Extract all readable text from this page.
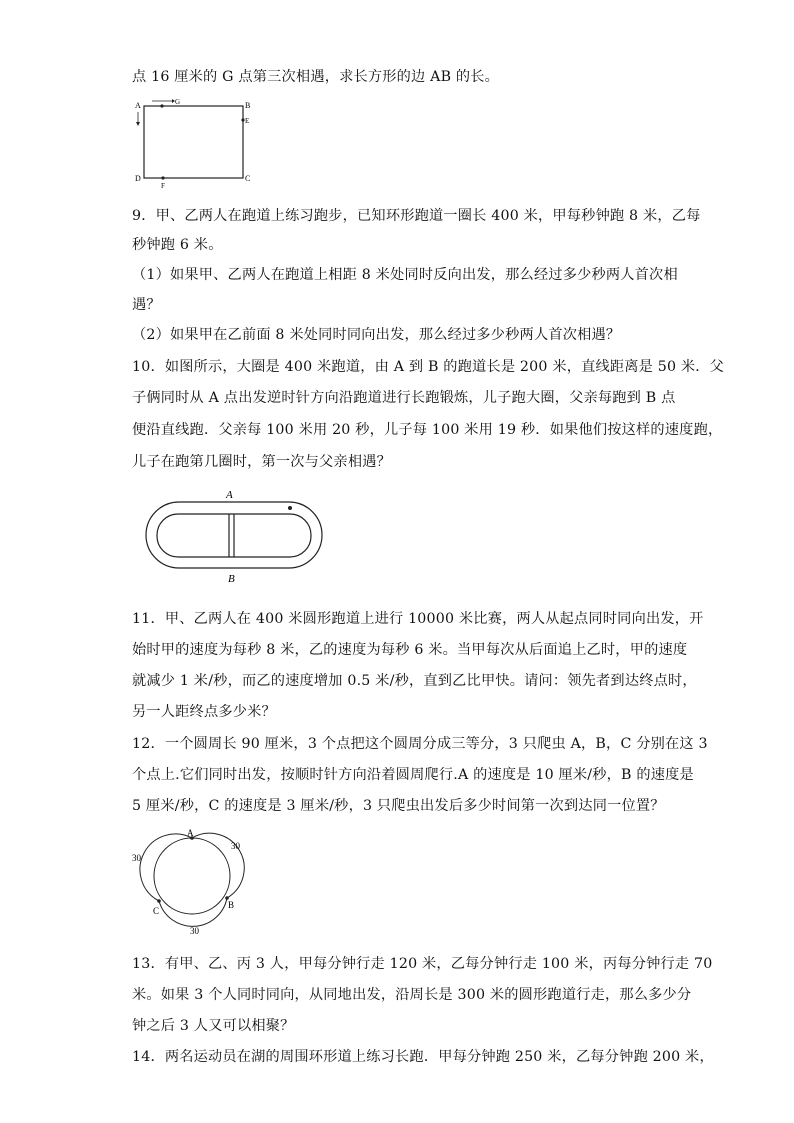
点 16 厘米的 G 点第三次相遇，求长方形的边 AB 的长。
A	B
C
D
E
F
G
9．甲、乙两人在跑道上练习跑步，已知环形跑道一圈长 400 米，甲每秒钟跑 8 米，乙每
秒钟跑 6 米。
（1）如果甲、乙两人在跑道上相距 8 米处同时反向出发，那么经过多少秒两人首次相
遇？
（2）如果甲在乙前面 8 米处同时同向出发，那么经过多少秒两人首次相遇？
10．如图所示，大圈是 400 米跑道，由 A 到 B 的跑道长是 200 米，直线距离是 50 米．父
子俩同时从 A 点出发逆时针方向沿跑道进行长跑锻炼，儿子跑大圈，父亲每跑到 B 点
便沿直线跑．父亲每 100 米用 20 秒，儿子每 100 米用 19 秒．如果他们按这样的速度跑，
儿子在跑第几圈时，第一次与父亲相遇？
A
B
11．甲、乙两人在 400 米圆形跑道上进行 10000 米比赛，两人从起点同时同向出发，开
始时甲的速度为每秒 8 米，乙的速度为每秒 6 米。当甲每次从后面追上乙时，甲的速度
就减少 1 米/秒，而乙的速度增加 0.5 米/秒，直到乙比甲快。请问：领先者到达终点时，
另一人距终点多少米？
12．一个圆周长 90 厘米，3 个点把这个圆周分成三等分，3 只爬虫 A，B，C 分别在这 3
个点上.它们同时出发，按顺时针方向沿着圆周爬行.A 的速度是 10 厘米/秒，B 的速度是
5 厘米/秒，C 的速度是 3 厘米/秒，3 只爬虫出发后多少时间第一次到达同一位置？
A
B
C
30
30
30
13．有甲、乙、丙 3 人，甲每分钟行走 120 米，乙每分钟行走 100 米，丙每分钟行走 70
米。如果 3 个人同时同向，从同地出发，沿周长是 300 米的圆形跑道行走，那么多少分
钟之后 3 人又可以相聚？
14．两名运动员在湖的周围环形道上练习长跑．甲每分钟跑 250 米，乙每分钟跑 200 米，
